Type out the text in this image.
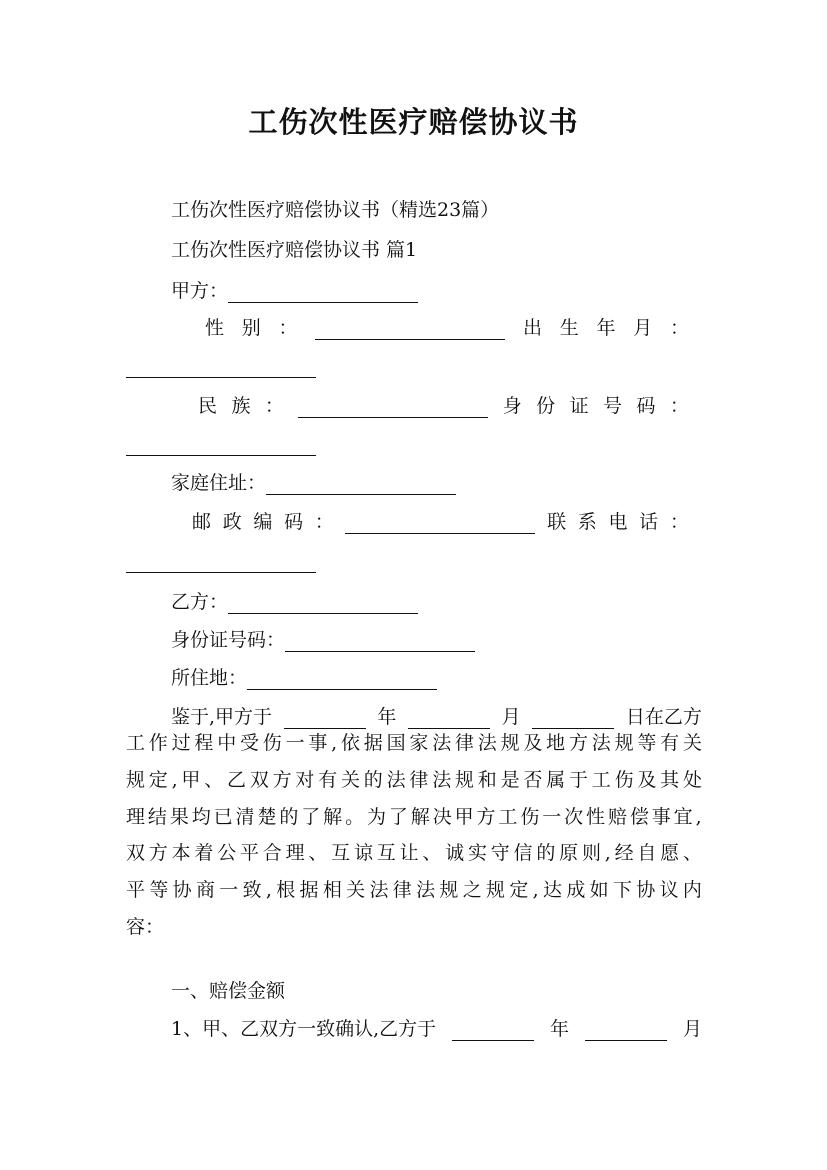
工伤次性医疗赔偿协议书
工伤次性医疗赔偿协议书（精选23篇）
工伤次性医疗赔偿协议书 篇1
甲方：
性 别 ：	出 生 年 月 ：
民 族 ：	身 份 证 号 码 ：
家庭住址：
邮 政 编 码 ：	联 系 电 话 ：
乙方：
身份证号码：
所住地：
鉴于,甲方于	年	月	日在乙方
工 作 过 程 中 受 伤 一 事 , 依 据 国 家 法 律 法 规 及 地 方 法 规 等 有 关
规 定 , 甲 、 乙 双 方 对 有 关 的 法 律 法 规 和 是 否 属 于 工 伤 及 其 处
理 结 果 均 已 清 楚 的 了 解 。 为 了 解 决 甲 方 工 伤 一 次 性 赔 偿 事 宜 ,
双 方 本 着 公 平 合 理 、 互 谅 互 让 、 诚 实 守 信 的 原 则 , 经 自 愿 、
平 等 协 商 一 致 , 根 据 相 关 法 律 法 规 之 规 定 , 达 成 如 下 协 议 内
容：
一、赔偿金额
1、甲、乙双方一致确认,乙方于	年	月
